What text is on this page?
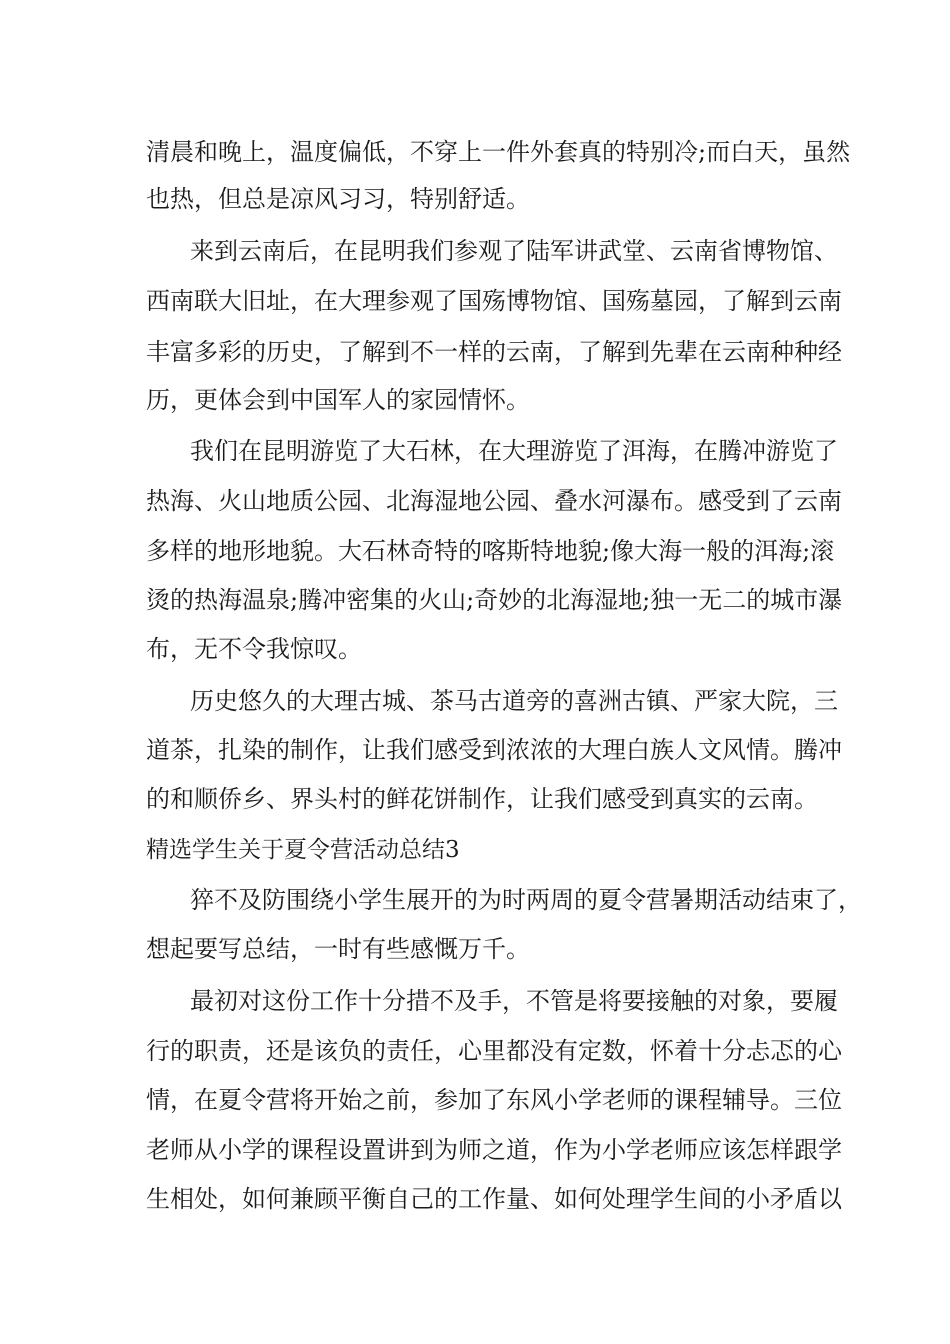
清晨和晚上，温度偏低，不穿上一件外套真的特别冷;而白天，虽然

也热，但总是凉风习习，特别舒适。

来到云南后，在昆明我们参观了陆军讲武堂、云南省博物馆、

西南联大旧址，在大理参观了国殇博物馆、国殇墓园，了解到云南

丰富多彩的历史，了解到不一样的云南，了解到先辈在云南种种经

历，更体会到中国军人的家园情怀。

我们在昆明游览了大石林，在大理游览了洱海，在腾冲游览了

热海、火山地质公园、北海湿地公园、叠水河瀑布。感受到了云南

多样的地形地貌。大石林奇特的喀斯特地貌;像大海一般的洱海;滚

烫的热海温泉;腾冲密集的火山;奇妙的北海湿地;独一无二的城市瀑

布，无不令我惊叹。

历史悠久的大理古城、茶马古道旁的喜洲古镇、严家大院，三

道茶，扎染的制作，让我们感受到浓浓的大理白族人文风情。腾冲

的和顺侨乡、界头村的鲜花饼制作，让我们感受到真实的云南。

精选学生关于夏令营活动总结3

猝不及防围绕小学生展开的为时两周的夏令营暑期活动结束了，

想起要写总结，一时有些感慨万千。

最初对这份工作十分措不及手，不管是将要接触的对象，要履

行的职责，还是该负的责任，心里都没有定数，怀着十分忐忑的心

情，在夏令营将开始之前，参加了东风小学老师的课程辅导。三位

老师从小学的课程设置讲到为师之道，作为小学老师应该怎样跟学

生相处，如何兼顾平衡自己的工作量、如何处理学生间的小矛盾以
